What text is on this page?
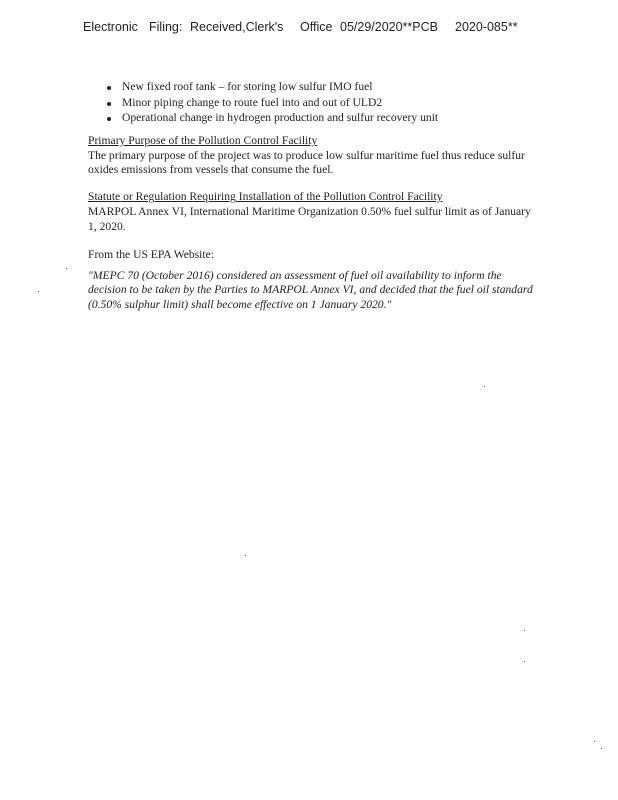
Electronic Filing: Received,Clerk's Office 05/29/2020**PCB 2020-085**
New fixed roof tank – for storing low sulfur IMO fuel
Minor piping change to route fuel into and out of ULD2
Operational change in hydrogen production and sulfur recovery unit
Primary Purpose of the Pollution Control Facility

The primary purpose of the project was to produce low sulfur maritime fuel thus reduce sulfur oxides emissions from vessels that consume the fuel.

Statute or Regulation Requiring Installation of the Pollution Control Facility

MARPOL Annex VI, International Maritime Organization 0.50% fuel sulfur limit as of January 1, 2020.

From the US EPA Website:

"MEPC 70 (October 2016) considered an assessment of fuel oil availability to inform the decision to be taken by the Parties to MARPOL Annex VI, and decided that the fuel oil standard (0.50% sulphur limit) shall become effective on 1 January 2020."
